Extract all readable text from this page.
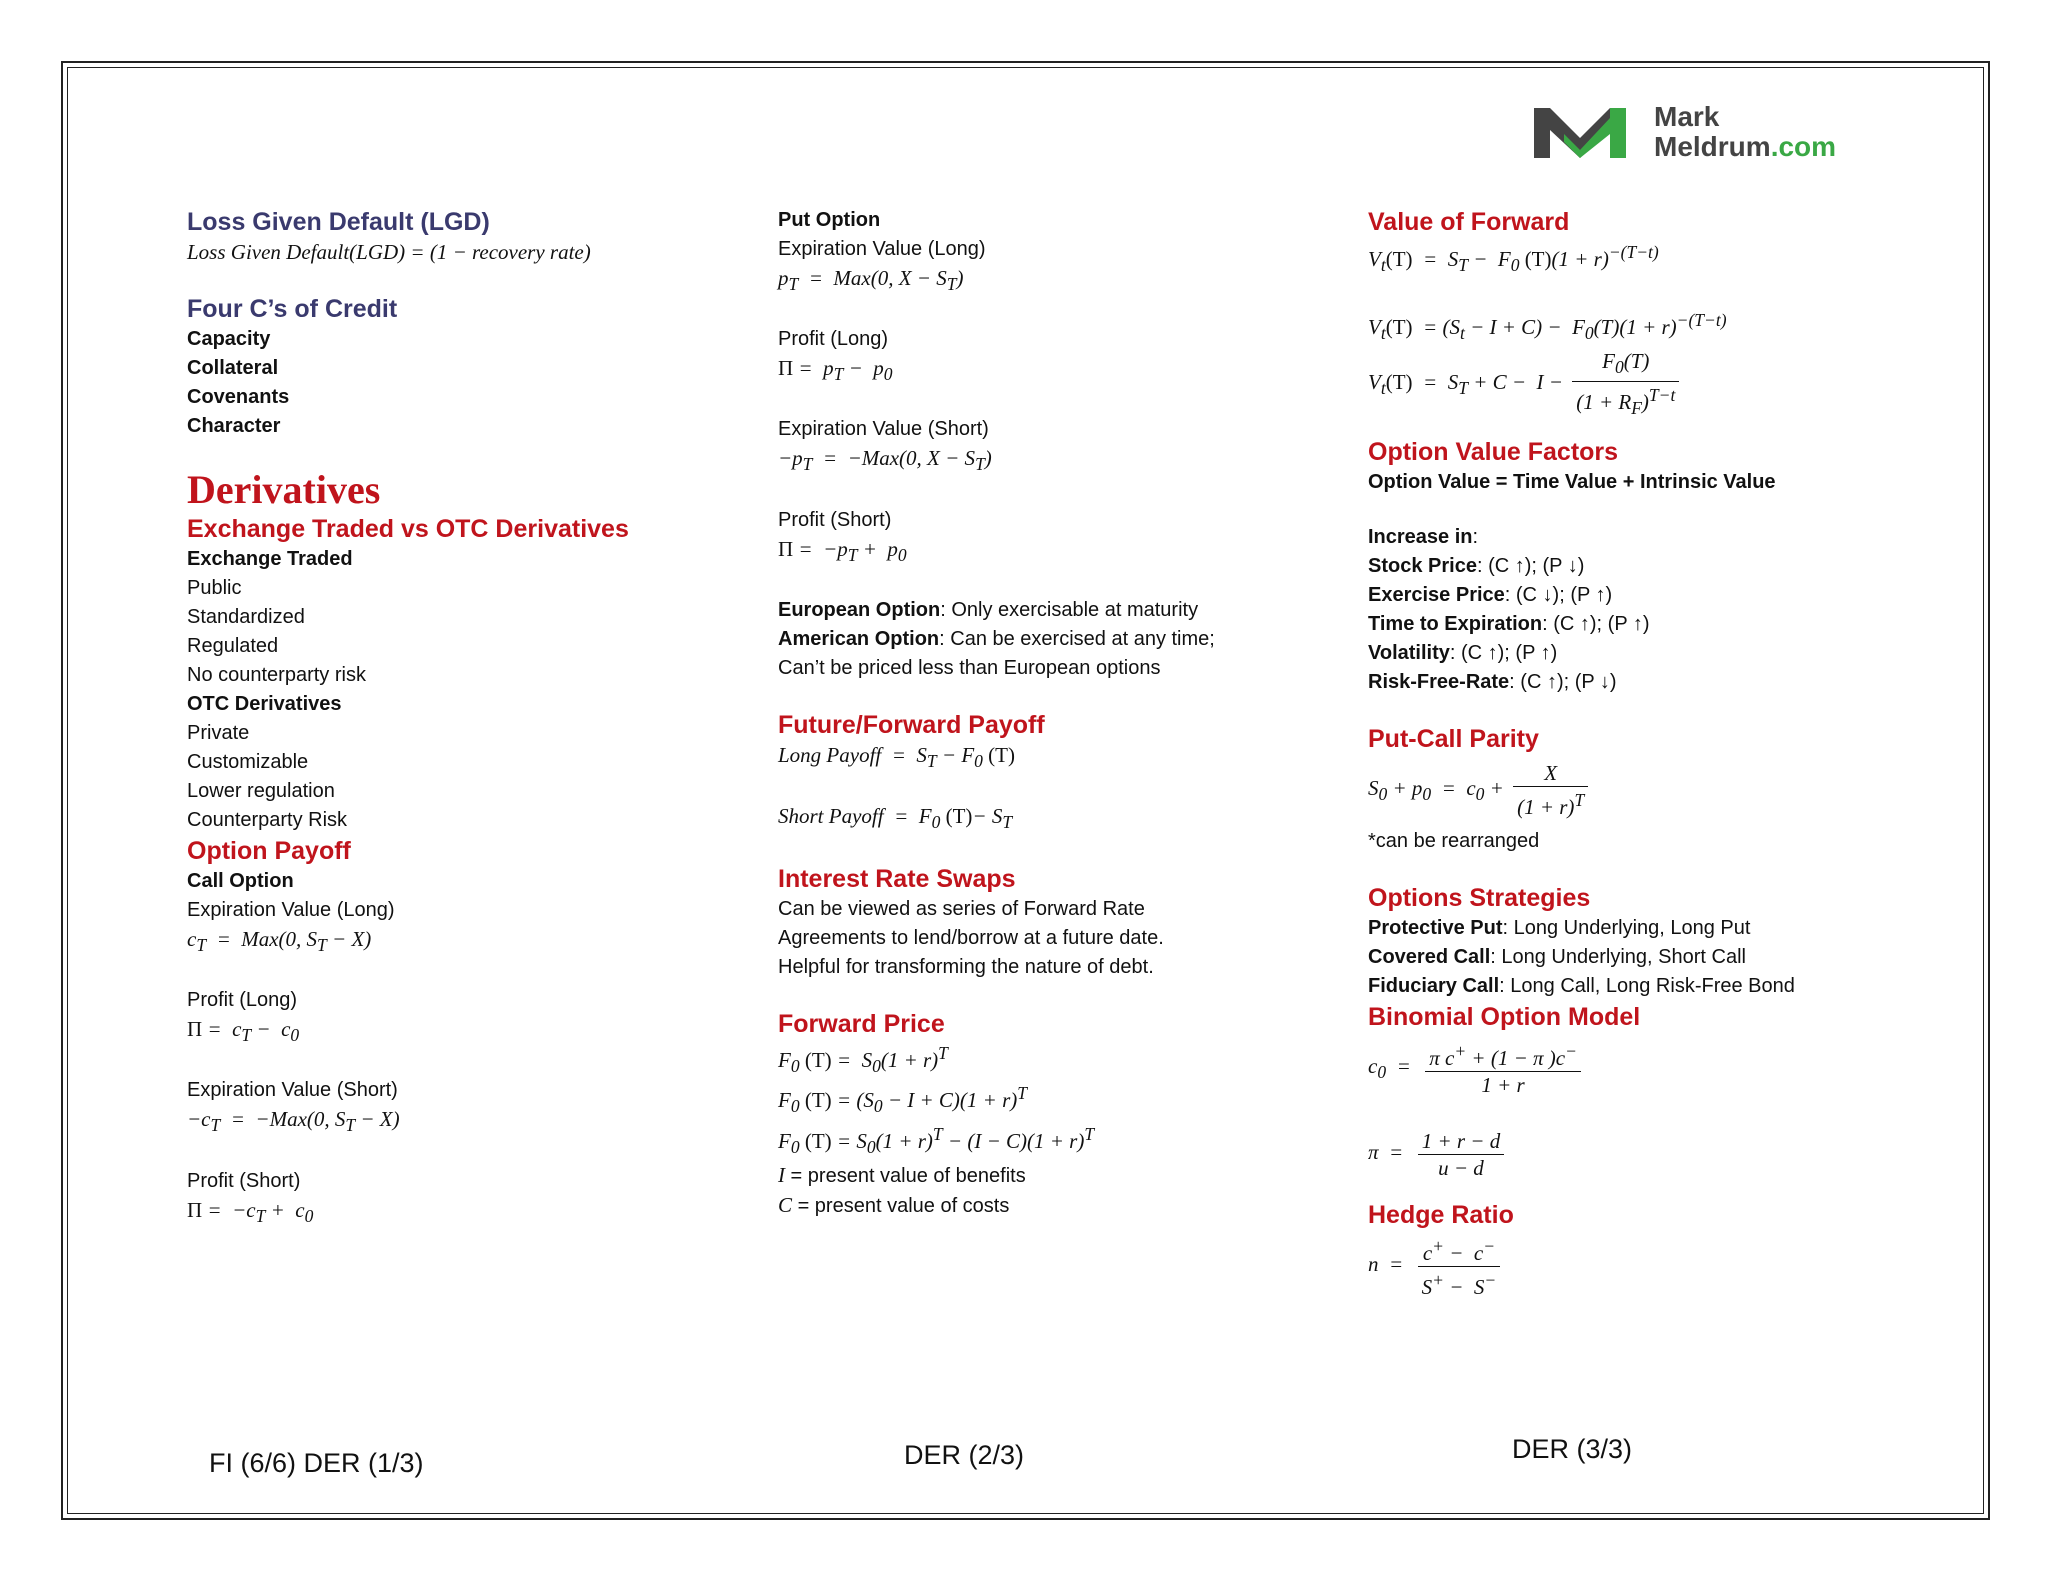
Mark
Meldrum.com
Loss Given Default (LGD)
Loss Given Default(LGD) = (1 − recovery rate)
Four C’s of Credit
Capacity
Collateral
Covenants
Character
Derivatives
Exchange Traded vs OTC Derivatives
Exchange Traded
Public
Standardized
Regulated
No counterparty risk
OTC Derivatives
Private
Customizable
Lower regulation
Counterparty Risk
Option Payoff
Call Option
Expiration Value (Long)
$c_T = Max(0$, $S_T - X$)
Profit (Long)
$\Pi = c_T - c_0$
Expiration Value (Short)
$-c_T = -Max(0$, $S_T - X$)
Profit (Short)
$\Pi = -c_T + c_0$
Put Option
Expiration Value (Long)
$p_T = Max(0$, $X - S_T$)
Profit (Long)
$\Pi = p_T - p_0$
Expiration Value (Short)
$-p_T = -Max(0$, $X - S_T$)
Profit (Short)
$\Pi = -p_T + p_0$
European Option: Only exercisable at maturity
American Option: Can be exercised at any time;
Can’t be priced less than European options
Future/Forward Payoff
Long Payoff  =  $S_T - F_0$ (T)
Short Payoff  =  $F_0$ $(T)- S_T$
Interest Rate Swaps
Can be viewed as series of Forward Rate
Agreements to lend/borrow at a future date.
Helpful for transforming the nature of debt.
Forward Price
$F_0$ $(T) = S_0(1 + r)^T$
$F_0$ $(T) = (S_0 - I + C)(1 + r)^T$
$F_0$ $(T) = S_0(1 + r)^T - (I - C)(1 + r)^T$
I = present value of benefits
C = present value of costs
Value of Forward
$V_t(T) = S_T - F_0$ $(T)(1 + r)^{-(T-t)}$
$V_t(T) = (S_t - I + C) - F_0(T)(1 + r)^{-(T-t)}$
$V_t(T) = S_T + C - I - \frac{F_0(T)}{(1 + R_F)^{T-t}}$
Option Value Factors
Option Value = Time Value + Intrinsic Value
Increase in:
Stock Price: (C ↑); (P ↓)
Exercise Price: (C ↓); (P ↑)
Time to Expiration: (C ↑); (P ↑)
Volatility: (C ↑); (P ↑)
Risk-Free-Rate: (C ↑); (P ↓)
Put-Call Parity
$S_0 + p_0 = c_0 + \frac{X}{(1 + r)^T}$
*can be rearranged
Options Strategies
Protective Put: Long Underlying, Long Put
Covered Call: Long Underlying, Short Call
Fiduciary Call: Long Call, Long Risk-Free Bond
Binomial Option Model
$c_0 = \frac{\pi c^+ + (1 - \pi )c^-}{1 + r}$
$\pi = \frac{1 + r - d}{u - d}$
Hedge Ratio
$n = \frac{c^+ - c^-}{S^+ - S^-}$
FI (6/6) DER (1/3)	DER (2/3)	DER (3/3)
